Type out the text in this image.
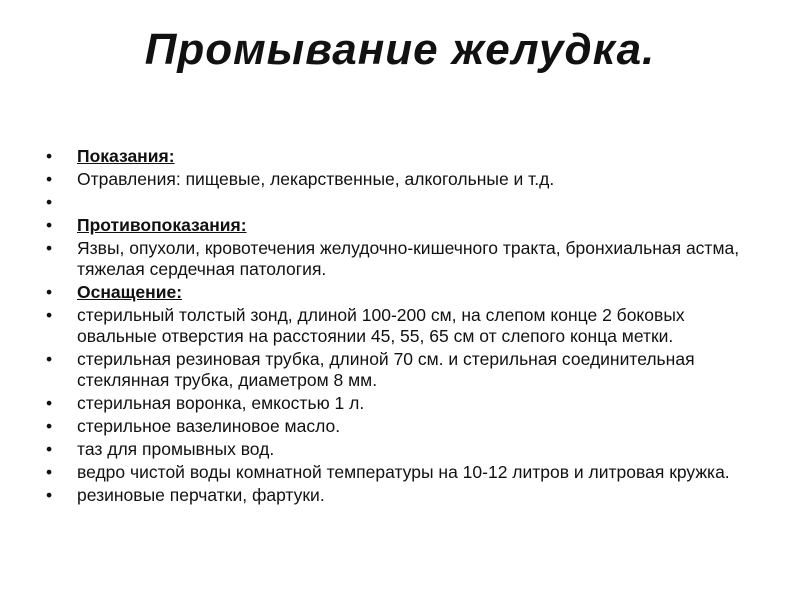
Промывание желудка.
•	Показания:
•	Отравления: пищевые, лекарственные, алкогольные и т.д.
•
•	Противопоказания:
•	Язвы, опухоли, кровотечения желудочно-кишечного тракта, бронхиальная астма, тяжелая сердечная патология.
•	Оснащение:
•	стерильный толстый зонд, длиной 100-200 см, на слепом конце 2 боковых овальные отверстия на расстоянии 45, 55, 65 см от слепого конца метки.
•	стерильная резиновая трубка, длиной 70 см. и стерильная соединительная стеклянная трубка, диаметром 8 мм.
•	стерильная воронка, емкостью 1 л.
•	стерильное вазелиновое масло.
•	таз для промывных вод.
•	ведро чистой воды комнатной температуры на 10-12 литров и литровая кружка.
•	резиновые перчатки, фартуки.
